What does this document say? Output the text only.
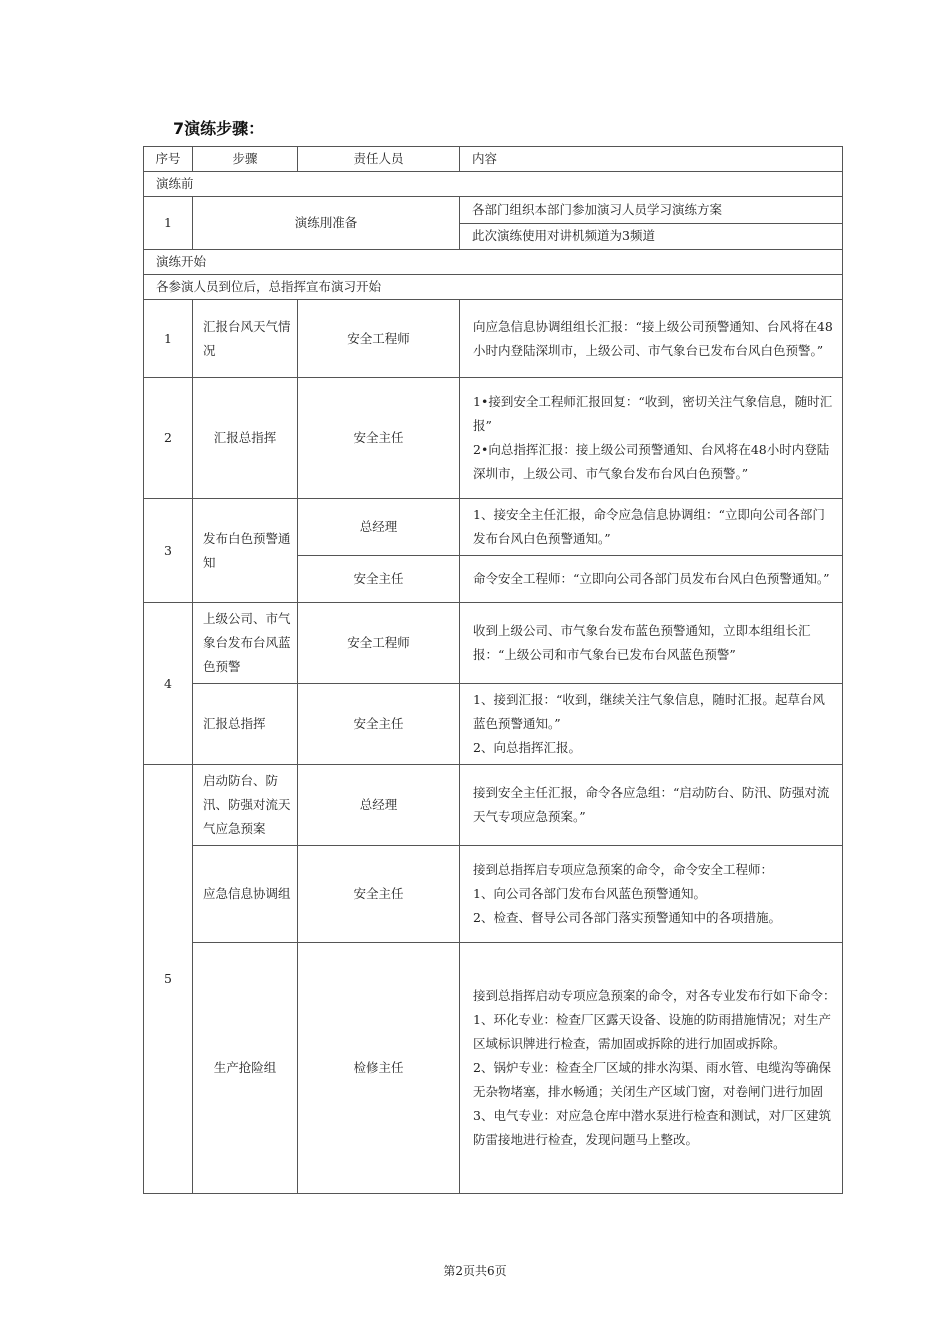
7演练步骤：
序号	步骤	责任人员	内容
演练前			
1	演练刖准备		各部门组织本部门参加演习人员学习演练方案
			此次演练使用对讲机频道为3频道
演练开始			
各参演人员到位后，总指挥宣布演习开始			
1	汇报台风天气情况	安全工程师	向应急信息协调组组长汇报：“接上级公司预警通知、台风将在48小时内登陆深圳市，上级公司、市气象台已发布台风白色预警。”
2	汇报总指挥	安全主任	1•接到安全工程师汇报回复：“收到，密切关注气象信息，随时汇报”
2•向总指挥汇报：接上级公司预警通知、台风将在48小时内登陆深圳市，上级公司、市气象台发布台风白色预警。”

3	发布白色预警通知	总经理	1、接安全主任汇报，命令应急信息协调组：“立即向公司各部门发布台风白色预警通知。”
		安全主任	命令安全工程师：“立即向公司各部门员发布台风白色预警通知。”
4	上级公司、市气象台发布台风蓝色预警	安全工程师	收到上级公司、市气象台发布蓝色预警通知，立即本组组长汇报：“上级公司和市气象台已发布台风蓝色预警”
	汇报总指挥	安全主任	1、接到汇报：“收到，继续关注气象信息，随时汇报。起草台风蓝色预警通知。”
2、向总指挥汇报。

5	启动防台、防汛、防强对流天气应急预案	总经理	接到安全主任汇报，命令各应急组：“启动防台、防汛、防强对流天气专项应急预案。”
	应急信息协调组	安全主任	接到总指挥启专项应急预案的命令，命令安全工程师：
1、向公司各部门发布台风蓝色预警通知。
2、检查、督导公司各部门落实预警通知中的各项措施。

	生产抢险组	检修主任	接到总指挥启动专项应急预案的命令，对各专业发布行如下命令：
1、环化专业：检查厂区露天设备、设施的防雨措施情况；对生产区域标识牌进行检查，需加固或拆除的进行加固或拆除。
2、锅炉专业：检查全厂区域的排水沟渠、雨水管、电缆沟等确保无杂物堵塞，排水畅通；关闭生产区域门窗，对卷闸门进行加固
3、电气专业：对应急仓库中潜水泵进行检查和测试，对厂区建筑防雷接地进行检查，发现问题马上整改。
第2页共6页
